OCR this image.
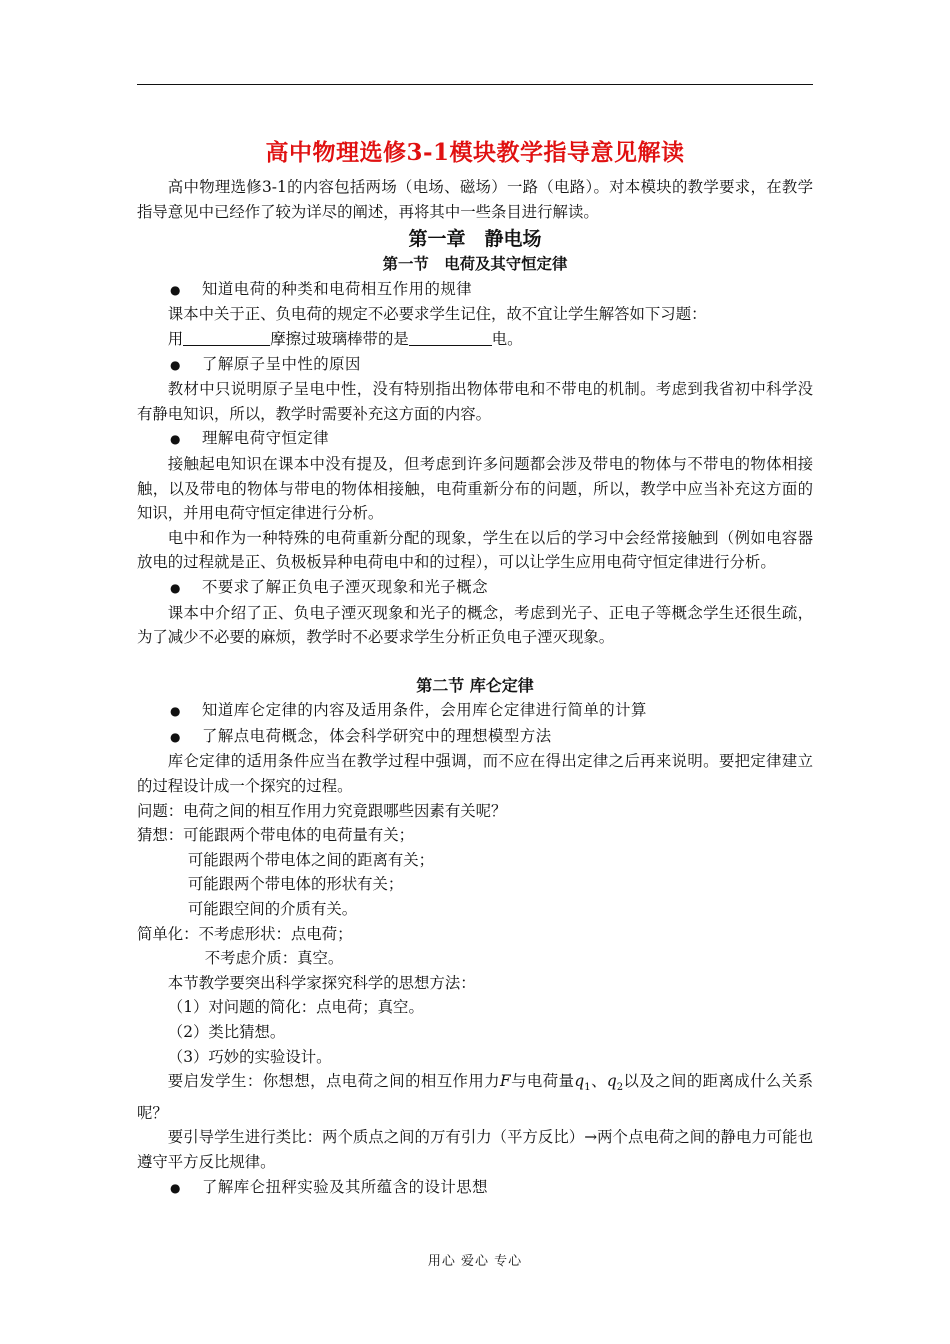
高中物理选修3-1模块教学指导意见解读

高中物理选修3-1的内容包括两场（电场、磁场）一路（电路）。对本模块的教学要求，在教学指导意见中已经作了较为详尽的阐述，再将其中一些条目进行解读。

第一章　静电场

第一节　电荷及其守恒定律

● 知道电荷的种类和电荷相互作用的规律

课本中关于正、负电荷的规定不必要求学生记住，故不宜让学生解答如下习题：

用	摩擦过玻璃棒带的是	电。

● 了解原子呈中性的原因

教材中只说明原子呈电中性，没有特别指出物体带电和不带电的机制。考虑到我省初中科学没有静电知识，所以，教学时需要补充这方面的内容。

● 理解电荷守恒定律

接触起电知识在课本中没有提及，但考虑到许多问题都会涉及带电的物体与不带电的物体相接触，以及带电的物体与带电的物体相接触，电荷重新分布的问题，所以，教学中应当补充这方面的知识，并用电荷守恒定律进行分析。

电中和作为一种特殊的电荷重新分配的现象，学生在以后的学习中会经常接触到（例如电容器放电的过程就是正、负极板异种电荷电中和的过程），可以让学生应用电荷守恒定律进行分析。

● 不要求了解正负电子湮灭现象和光子概念

课本中介绍了正、负电子湮灭现象和光子的概念，考虑到光子、正电子等概念学生还很生疏，为了减少不必要的麻烦，教学时不必要求学生分析正负电子湮灭现象。

第二节 库仑定律

● 知道库仑定律的内容及适用条件，会用库仑定律进行简单的计算

● 了解点电荷概念，体会科学研究中的理想模型方法

库仑定律的适用条件应当在教学过程中强调，而不应在得出定律之后再来说明。要把定律建立的过程设计成一个探究的过程。

问题：电荷之间的相互作用力究竟跟哪些因素有关呢？

猜想：可能跟两个带电体的电荷量有关；

可能跟两个带电体之间的距离有关；

可能跟两个带电体的形状有关；

可能跟空间的介质有关。

简单化：不考虑形状：点电荷；

不考虑介质：真空。

本节教学要突出科学家探究科学的思想方法：

（1）对问题的简化：点电荷；真空。

（2）类比猜想。

（3）巧妙的实验设计。

要启发学生：你想想，点电荷之间的相互作用力F与电荷量$q_1$、$q_2$以及之间的距离成什么关系呢？

要引导学生进行类比：两个质点之间的万有引力（平方反比）→两个点电荷之间的静电力可能也遵守平方反比规律。

● 了解库仑扭秤实验及其所蕴含的设计思想

用心 爱心 专心
